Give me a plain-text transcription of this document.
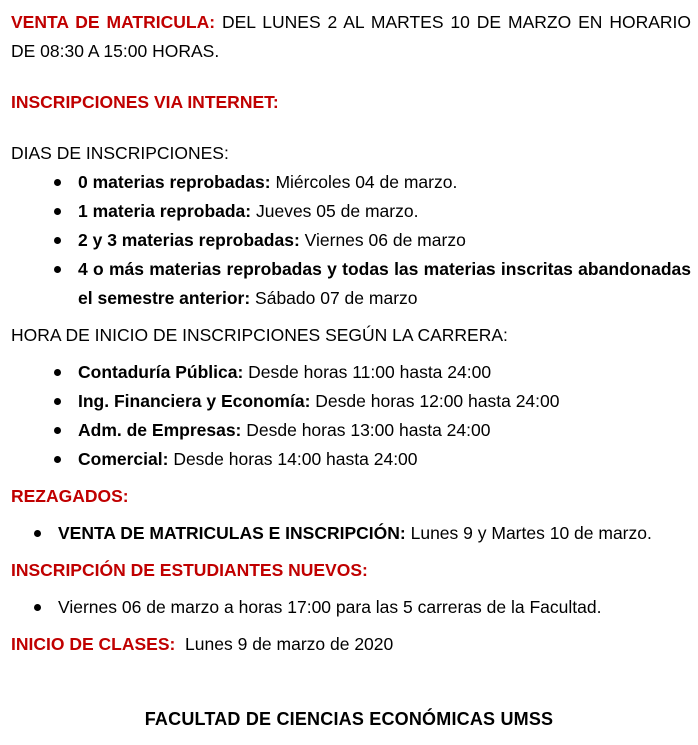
VENTA DE MATRICULA: DEL LUNES 2 AL MARTES 10 DE MARZO EN HORARIO DE 08:30 A 15:00 HORAS.

INSCRIPCIONES VIA INTERNET:

DIAS DE INSCRIPCIONES:

0 materias reprobadas: Miércoles 04 de marzo.
1 materia reprobada: Jueves 05 de marzo.
2 y 3 materias reprobadas: Viernes 06 de marzo
4 o más materias reprobadas y todas las materias inscritas abandonadas el semestre anterior: Sábado 07 de marzo

HORA DE INICIO DE INSCRIPCIONES SEGÚN LA CARRERA:

Contaduría Pública: Desde horas 11:00 hasta 24:00
Ing. Financiera y Economía: Desde horas 12:00 hasta 24:00
Adm. de Empresas: Desde horas 13:00 hasta 24:00
Comercial: Desde horas 14:00 hasta 24:00

REZAGADOS:

VENTA DE MATRICULAS E INSCRIPCIÓN: Lunes 9 y Martes 10 de marzo.

INSCRIPCIÓN DE ESTUDIANTES NUEVOS:

Viernes 06 de marzo a horas 17:00 para las 5 carreras de la Facultad.

INICIO DE CLASES:  Lunes 9 de marzo de 2020

FACULTAD DE CIENCIAS ECONÓMICAS UMSS
